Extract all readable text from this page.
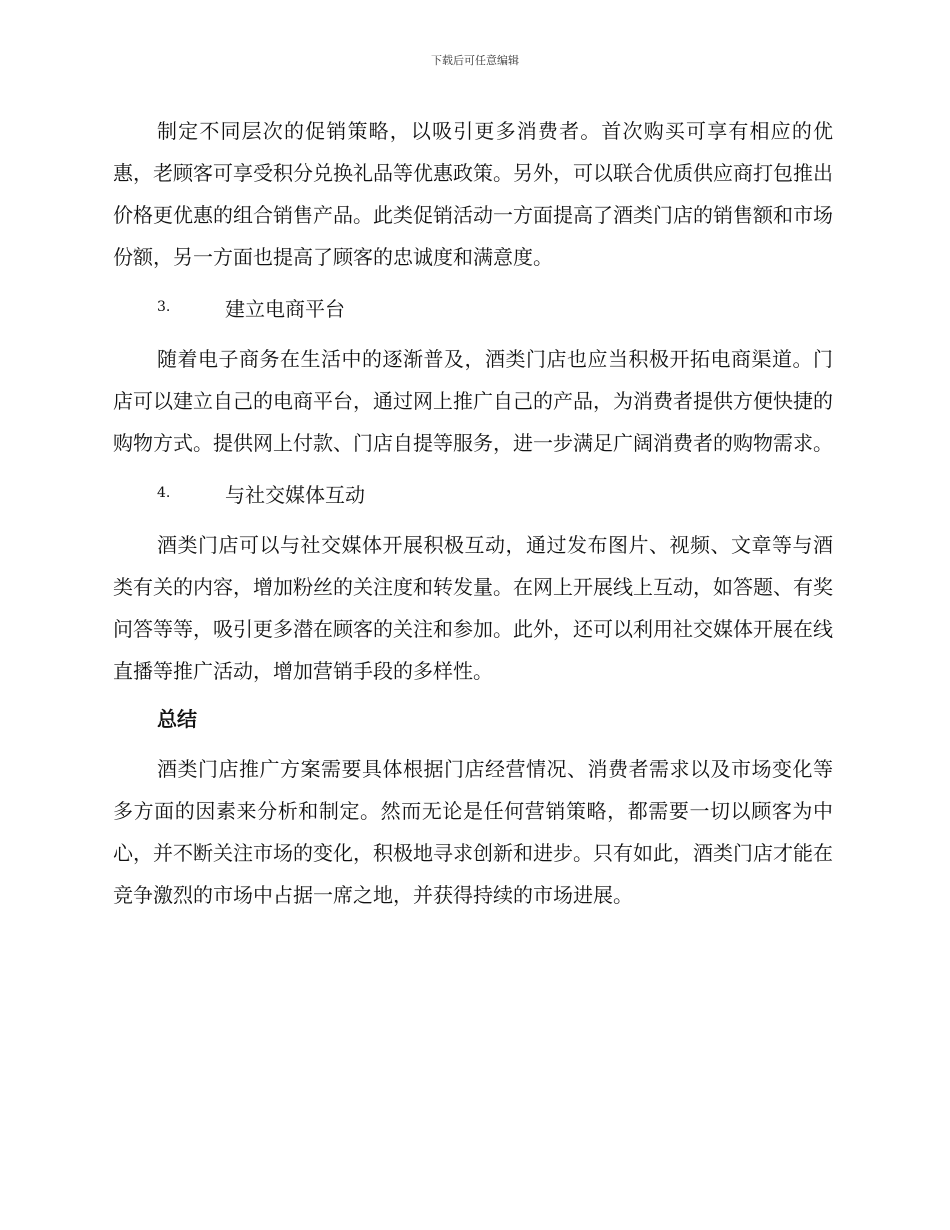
下载后可任意编辑

制定不同层次的促销策略，以吸引更多消费者。首次购买可享有相应的优惠，老顾客可享受积分兑换礼品等优惠政策。另外，可以联合优质供应商打包推出价格更优惠的组合销售产品。此类促销活动一方面提高了酒类门店的销售额和市场份额，另一方面也提高了顾客的忠诚度和满意度。

3.	建立电商平台

随着电子商务在生活中的逐渐普及，酒类门店也应当积极开拓电商渠道。门店可以建立自己的电商平台，通过网上推广自己的产品，为消费者提供方便快捷的购物方式。提供网上付款、门店自提等服务，进一步满足广阔消费者的购物需求。

4.	与社交媒体互动

酒类门店可以与社交媒体开展积极互动，通过发布图片、视频、文章等与酒类有关的内容，增加粉丝的关注度和转发量。在网上开展线上互动，如答题、有奖问答等等，吸引更多潜在顾客的关注和参加。此外，还可以利用社交媒体开展在线直播等推广活动，增加营销手段的多样性。

总结

酒类门店推广方案需要具体根据门店经营情况、消费者需求以及市场变化等多方面的因素来分析和制定。然而无论是任何营销策略，都需要一切以顾客为中心，并不断关注市场的变化，积极地寻求创新和进步。只有如此，酒类门店才能在竞争激烈的市场中占据一席之地，并获得持续的市场进展。
